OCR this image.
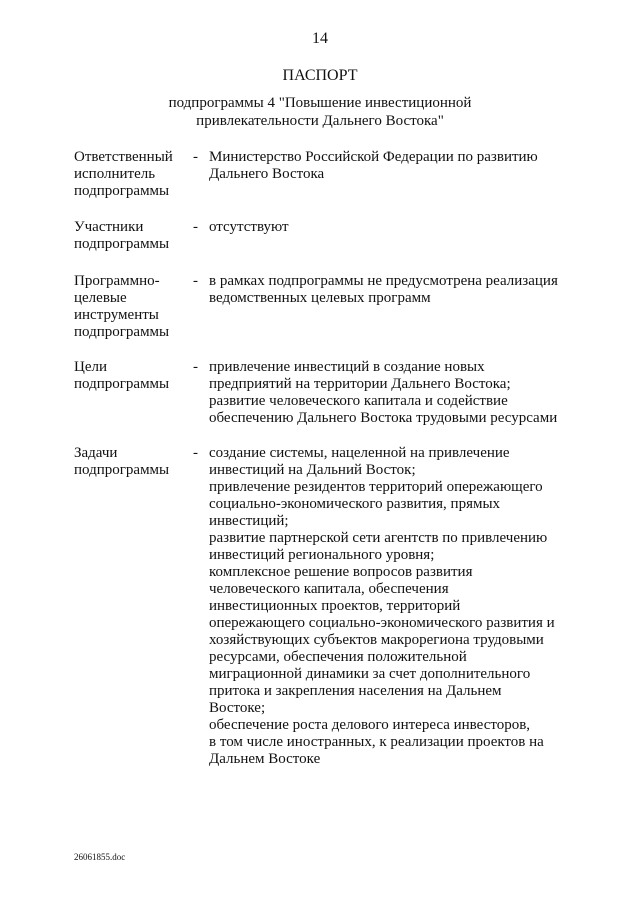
14
ПАСПОРТ
подпрограммы 4 "Повышение инвестиционной
привлекательности Дальнего Востока"
Ответственный
исполнитель
подпрограммы
- Министерство Российской Федерации по развитию
Дальнего Востока
Участники
подпрограммы
- отсутствуют
Программно-
целевые
инструменты
подпрограммы
- в рамках подпрограммы не предусмотрена реализация
ведомственных целевых программ
Цели
подпрограммы
- привлечение инвестиций в создание новых
предприятий на территории Дальнего Востока;
развитие человеческого капитала и содействие
обеспечению Дальнего Востока трудовыми ресурсами
Задачи
подпрограммы
- создание системы, нацеленной на привлечение
инвестиций на Дальний Восток;
привлечение резидентов территорий опережающего
социально-экономического развития, прямых
инвестиций;
развитие партнерской сети агентств по привлечению
инвестиций регионального уровня;
комплексное решение вопросов развития
человеческого капитала, обеспечения
инвестиционных проектов, территорий
опережающего социально-экономического развития и
хозяйствующих субъектов макрорегиона трудовыми
ресурсами, обеспечения положительной
миграционной динамики за счет дополнительного
притока и закрепления населения на Дальнем
Востоке;
обеспечение роста делового интереса инвесторов,
в том числе иностранных, к реализации проектов на
Дальнем Востоке
26061855.doc
